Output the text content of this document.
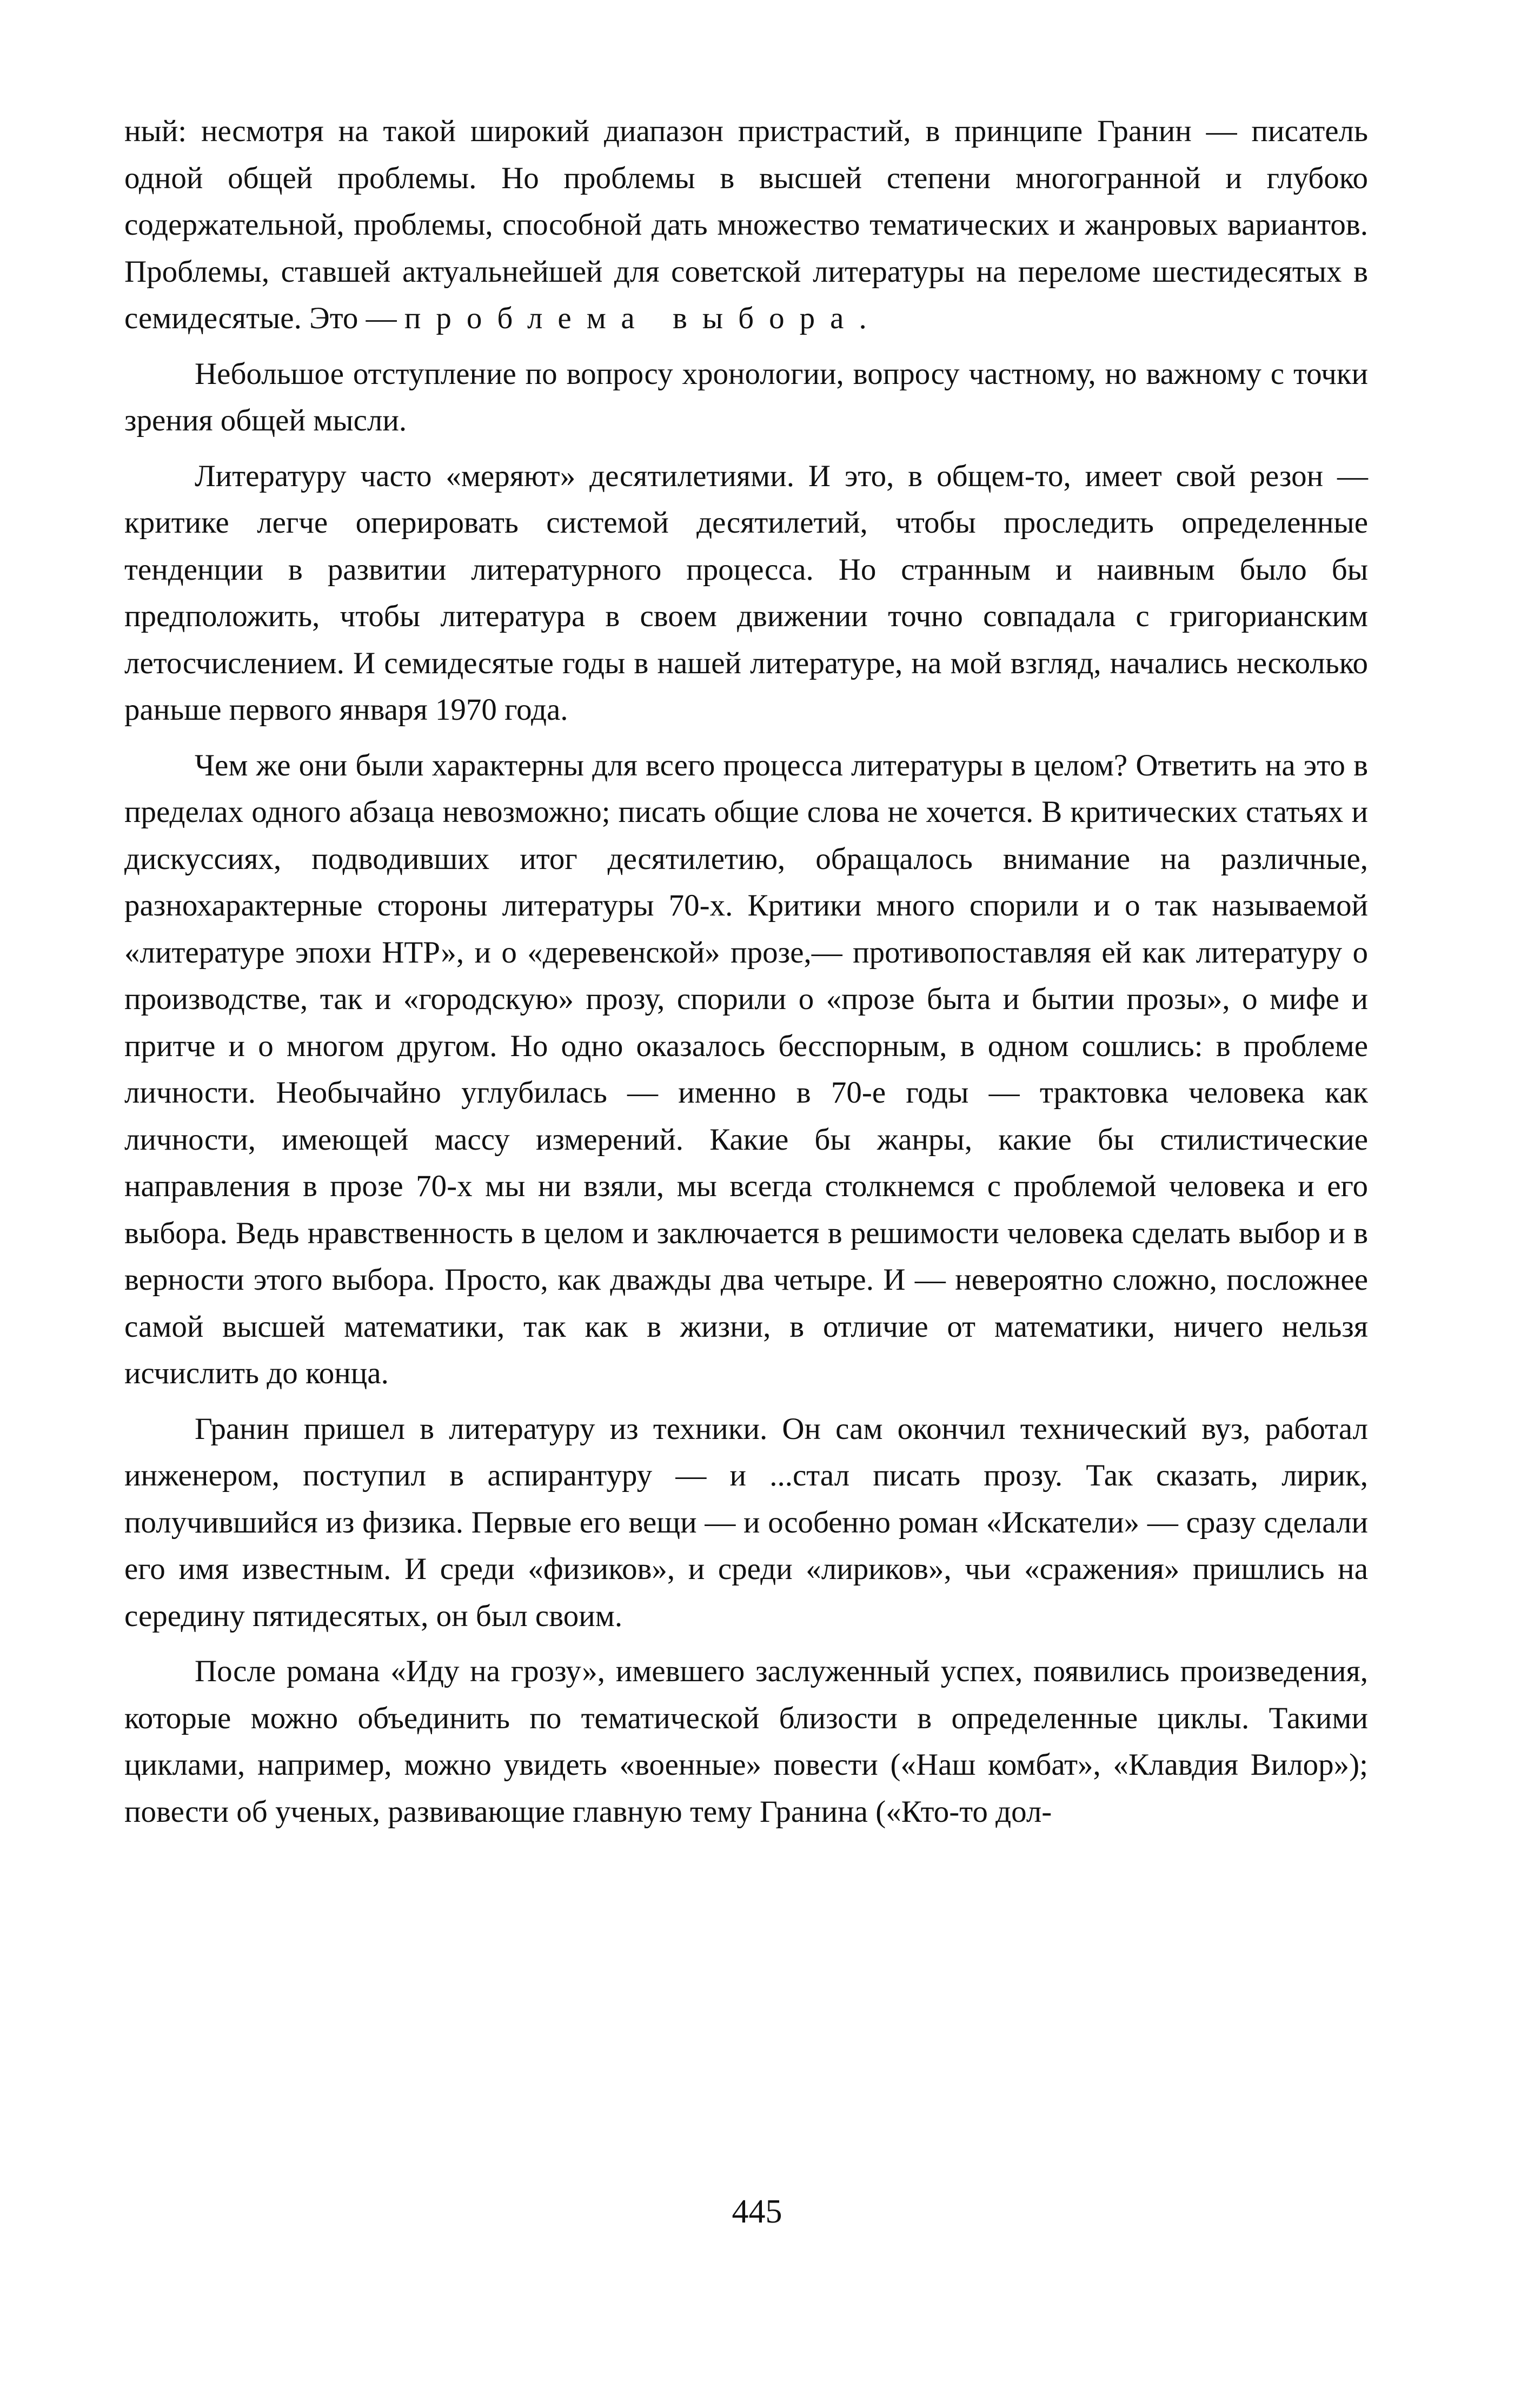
ный: несмотря на такой широкий диапазон пристрастий, в принципе Гранин — писатель одной общей проблемы. Но проблемы в высшей степени многогранной и глубоко содержательной, проблемы, способной дать множество тематических и жанровых вариантов. Проблемы, ставшей актуальнейшей для советской литературы на переломе шестидесятых в семидесятые. Это — проблема выбора.

Небольшое отступление по вопросу хронологии, вопросу частному, но важному с точки зрения общей мысли.

Литературу часто «меряют» десятилетиями. И это, в общем-то, имеет свой резон — критике легче оперировать системой десятилетий, чтобы проследить определенные тенденции в развитии литературного процесса. Но странным и наивным было бы предположить, чтобы литература в своем движении точно совпадала с григорианским летосчислением. И семидесятые годы в нашей литературе, на мой взгляд, начались несколько раньше первого января 1970 года.

Чем же они были характерны для всего процесса литературы в целом? Ответить на это в пределах одного абзаца невозможно; писать общие слова не хочется. В критических статьях и дискуссиях, подводивших итог десятилетию, обращалось внимание на различные, разнохарактерные стороны литературы 70-х. Критики много спорили и о так называемой «литературе эпохи НТР», и о «деревенской» прозе,— противопоставляя ей как литературу о производстве, так и «городскую» прозу, спорили о «прозе быта и бытии прозы», о мифе и притче и о многом другом. Но одно оказалось бесспорным, в одном сошлись: в проблеме личности. Необычайно углубилась — именно в 70-е годы — трактовка человека как личности, имеющей массу измерений. Какие бы жанры, какие бы стилистические направления в прозе 70-х мы ни взяли, мы всегда столкнемся с проблемой человека и его выбора. Ведь нравственность в целом и заключается в решимости человека сделать выбор и в верности этого выбора. Просто, как дважды два четыре. И — невероятно сложно, посложнее самой высшей математики, так как в жизни, в отличие от математики, ничего нельзя исчислить до конца.

Гранин пришел в литературу из техники. Он сам окончил технический вуз, работал инженером, поступил в аспирантуру — и ...стал писать прозу. Так сказать, лирик, получившийся из физика. Первые его вещи — и особенно роман «Искатели» — сразу сделали его имя известным. И среди «физиков», и среди «лириков», чьи «сражения» пришлись на середину пятидесятых, он был своим.

После романа «Иду на грозу», имевшего заслуженный успех, появились произведения, которые можно объединить по тематической близости в определенные циклы. Такими циклами, например, можно увидеть «военные» повести («Наш комбат», «Клавдия Вилор»); повести об ученых, развивающие главную тему Гранина («Кто-то дол-

445
